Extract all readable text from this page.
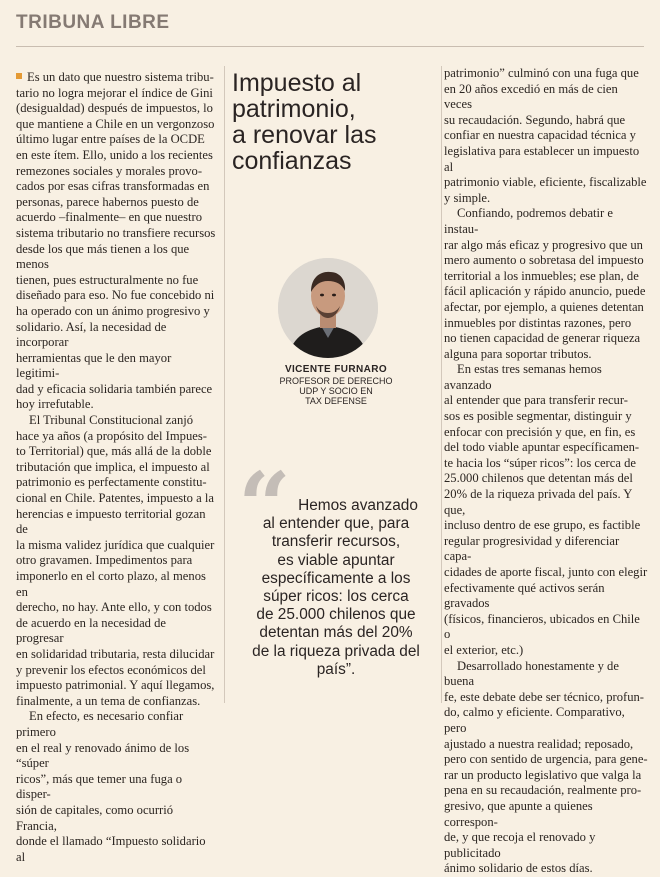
TRIBUNA LIBRE

Es un dato que nuestro sistema tribu-
tario no logra mejorar el índice de Gini
(desigualdad) después de impuestos, lo
que mantiene a Chile en un vergonzoso
último lugar entre países de la OCDE
en este ítem. Ello, unido a los recientes
remezones sociales y morales provo-
cados por esas cifras transformadas en
personas, parece habernos puesto de
acuerdo –finalmente– en que nuestro
sistema tributario no transfiere recursos
desde los que más tienen a los que menos
tienen, pues estructuralmente no fue
diseñado para eso. No fue concebido ni
ha operado con un ánimo progresivo y
solidario. Así, la necesidad de incorporar
herramientas que le den mayor legitimi-
dad y eficacia solidaria también parece
hoy irrefutable.

El Tribunal Constitucional zanjó
hace ya años (a propósito del Impues-
to Territorial) que, más allá de la doble
tributación que implica, el impuesto al
patrimonio es perfectamente constitu-
cional en Chile. Patentes, impuesto a la
herencias e impuesto territorial gozan de
la misma validez jurídica que cualquier
otro gravamen. Impedimentos para
imponerlo en el corto plazo, al menos en
derecho, no hay. Ante ello, y con todos
de acuerdo en la necesidad de progresar
en solidaridad tributaria, resta dilucidar
y prevenir los efectos económicos del
impuesto patrimonial. Y aquí llegamos,
finalmente, a un tema de confianzas.

En efecto, es necesario confiar primero
en el real y renovado ánimo de los “súper
ricos”, más que temer una fuga o disper-
sión de capitales, como ocurrió Francia,
donde el llamado “Impuesto solidario al

Impuesto al
patrimonio,
a renovar las
confianzas
VICENTE FURNARO
PROFESOR DE DERECHO
UDP Y SOCIO EN
TAX DEFENSE
“ Hemos avanzado
al entender que, para
transferir recursos,
es viable apuntar
específicamente a los
súper ricos: los cerca
de 25.000 chilenos que
detentan más del 20%
de la riqueza privada del
país”.

patrimonio” culminó con una fuga que
en 20 años excedió en más de cien veces
su recaudación. Segundo, habrá que
confiar en nuestra capacidad técnica y
legislativa para establecer un impuesto al
patrimonio viable, eficiente, fiscalizable
y simple.

Confiando, podremos debatir e instau-
rar algo más eficaz y progresivo que un
mero aumento o sobretasa del impuesto
territorial a los inmuebles; ese plan, de
fácil aplicación y rápido anuncio, puede
afectar, por ejemplo, a quienes detentan
inmuebles por distintas razones, pero
no tienen capacidad de generar riqueza
alguna para soportar tributos.

En estas tres semanas hemos avanzado
al entender que para transferir recur-
sos es posible segmentar, distinguir y
enfocar con precisión y que, en fin, es
del todo viable apuntar específicamen-
te hacia los “súper ricos”: los cerca de
25.000 chilenos que detentan más del
20% de la riqueza privada del país. Y que,
incluso dentro de ese grupo, es factible
regular progresividad y diferenciar capa-
cidades de aporte fiscal, junto con elegir
efectivamente qué activos serán gravados
(físicos, financieros, ubicados en Chile o
el exterior, etc.)

Desarrollado honestamente y de buena
fe, este debate debe ser técnico, profun-
do, calmo y eficiente. Comparativo, pero
ajustado a nuestra realidad; reposado,
pero con sentido de urgencia, para gene-
rar un producto legislativo que valga la
pena en su recaudación, realmente pro-
gresivo, que apunte a quienes correspon-
de, y que recoja el renovado y publicitado
ánimo solidario de estos días.
